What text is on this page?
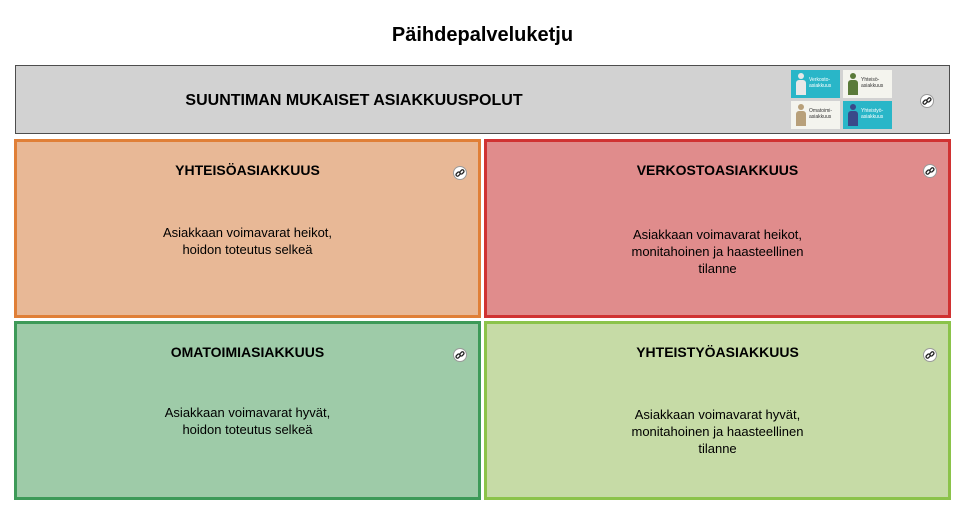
Päihdepalveluketju
SUUNTIMAN MUKAISET ASIAKKUUSPOLUT
Verkosto-asiakkuus
Yhteisö-asiakkuus
Omatoimi-asiakkuus
Yhteistyö-asiakkuus
YHTEISÖASIAKKUUS
Asiakkaan voimavarat heikot,
hoidon toteutus selkeä
VERKOSTOASIAKKUUS
Asiakkaan voimavarat heikot,
monitahoinen ja haasteellinen
tilanne
OMATOIMIASIAKKUUS
Asiakkaan voimavarat hyvät,
hoidon toteutus selkeä
YHTEISTYÖASIAKKUUS
Asiakkaan voimavarat hyvät,
monitahoinen ja haasteellinen
tilanne
